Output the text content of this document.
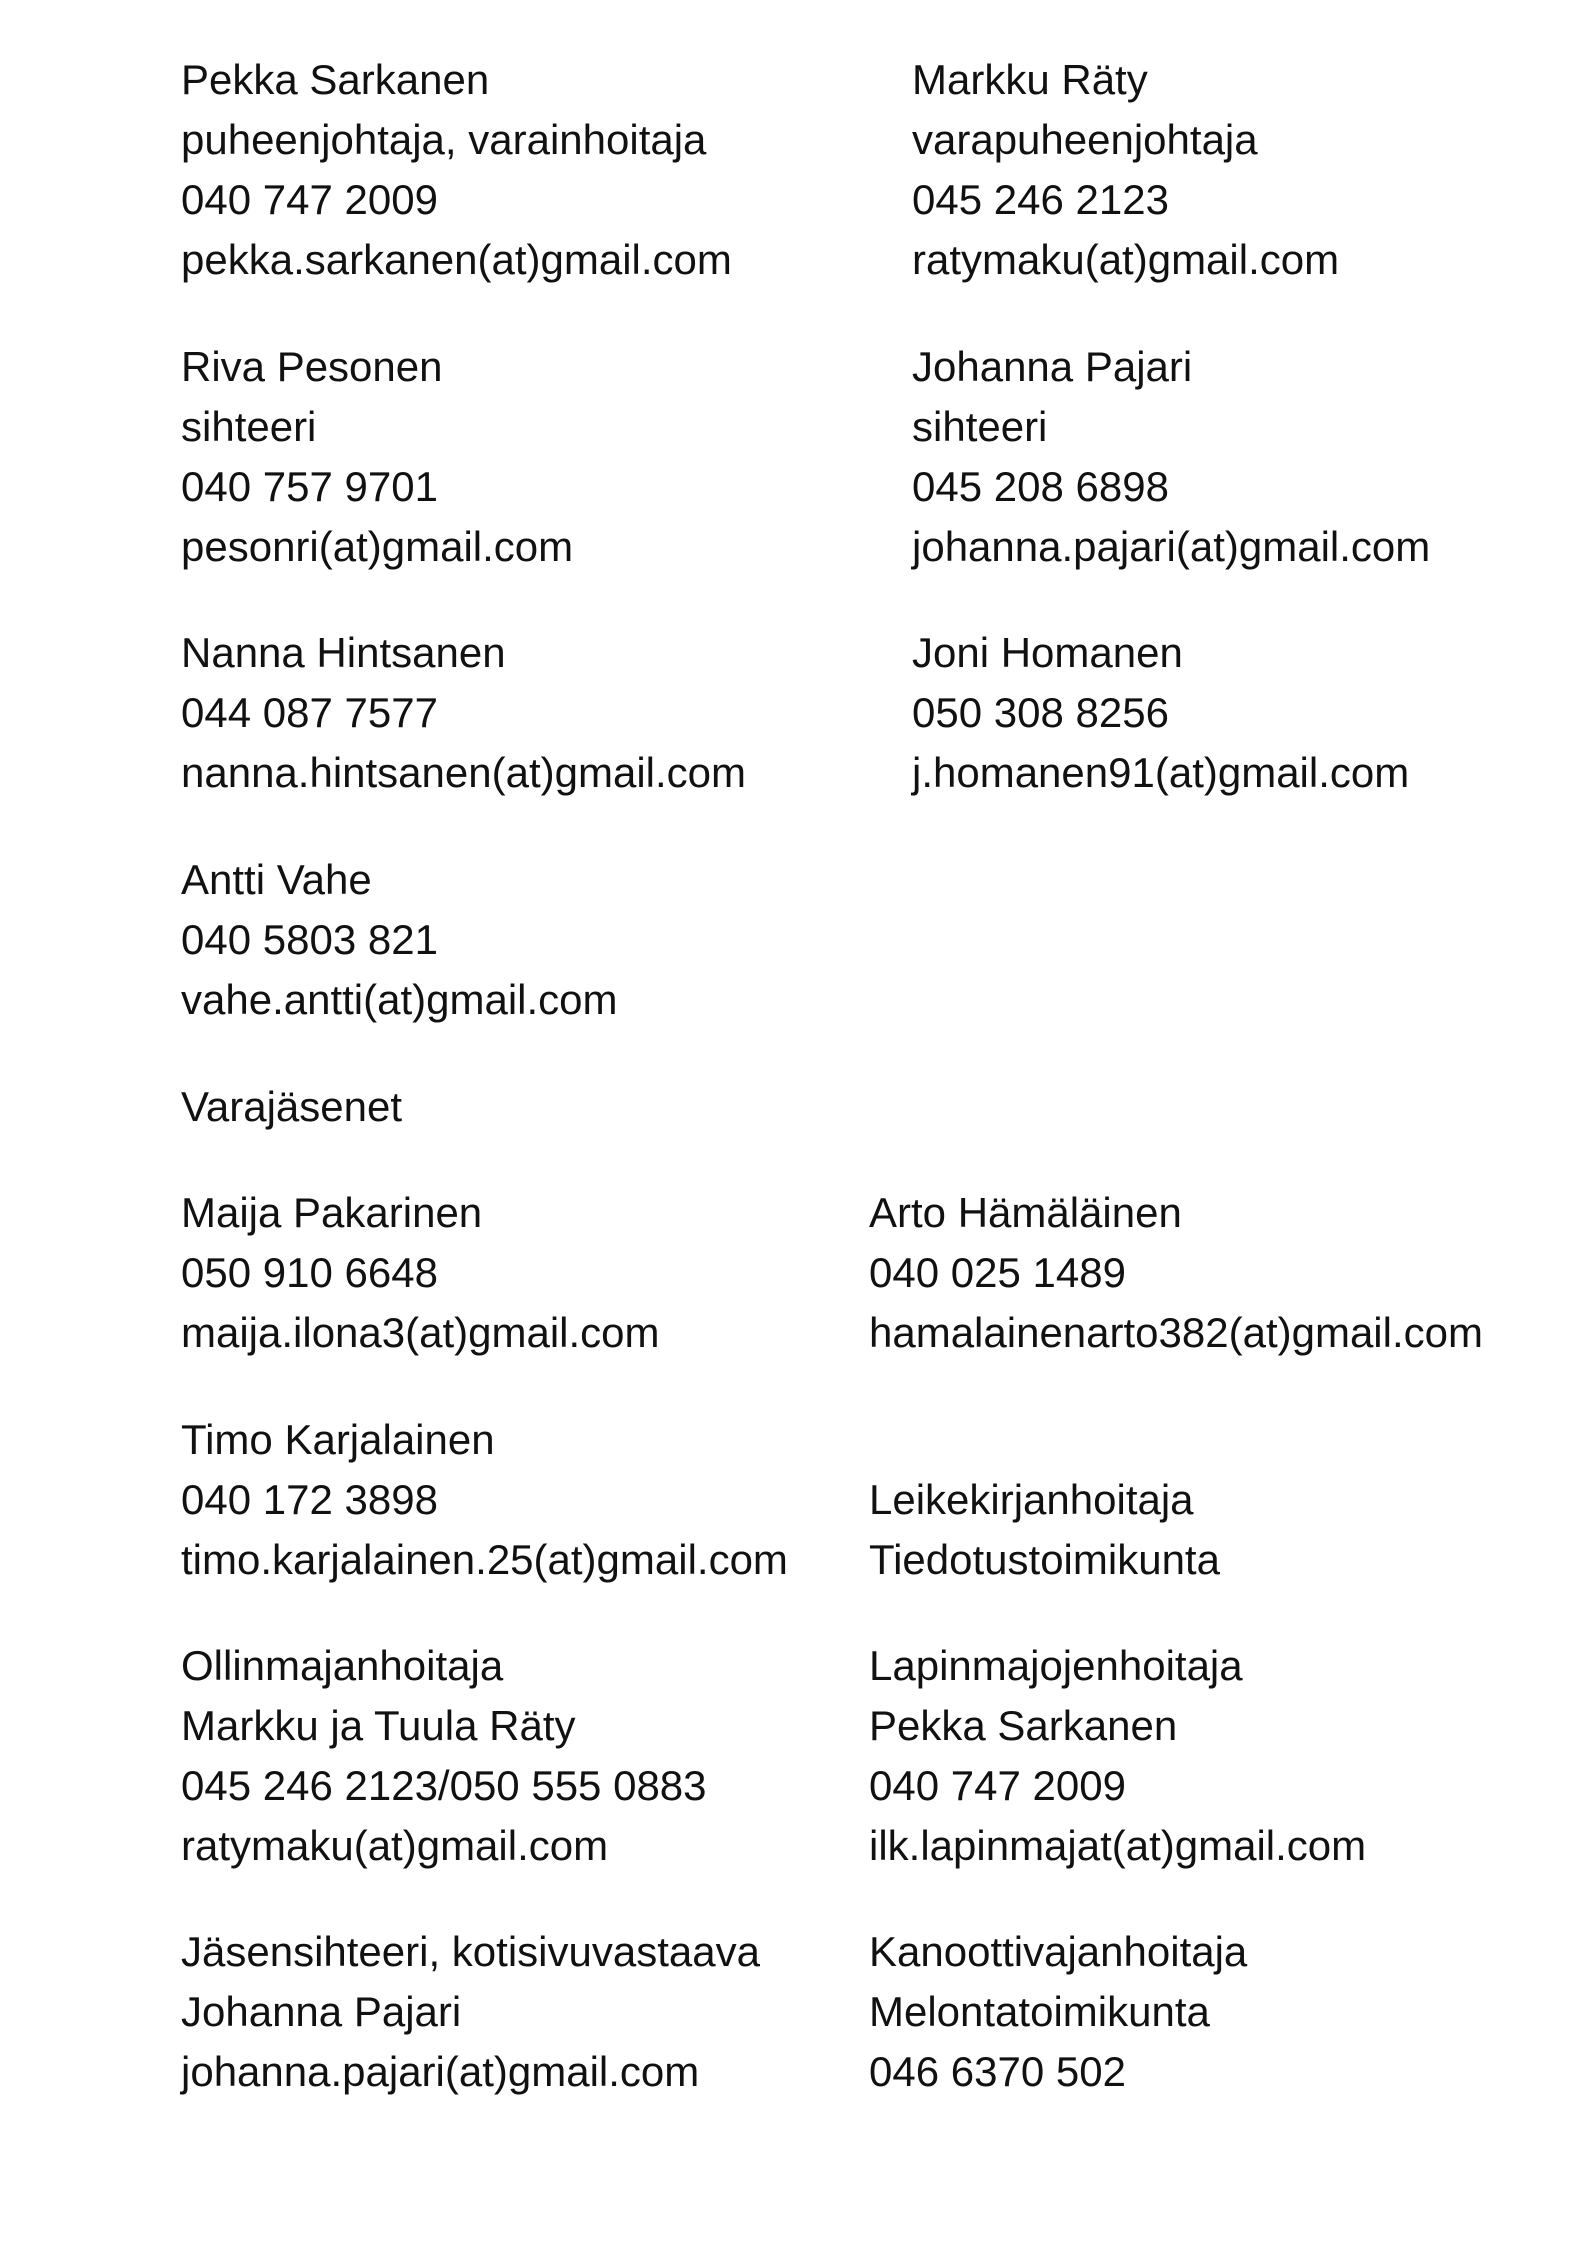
Pekka Sarkanen
puheenjohtaja, varainhoitaja
040 747 2009
pekka.sarkanen(at)gmail.com
Markku Räty
varapuheenjohtaja
045 246 2123
ratymaku(at)gmail.com
Riva Pesonen
sihteeri
040 757 9701
pesonri(at)gmail.com
Johanna Pajari
sihteeri
045 208 6898
johanna.pajari(at)gmail.com
Nanna Hintsanen
044 087 7577
nanna.hintsanen(at)gmail.com
Joni Homanen
050 308 8256
j.homanen91(at)gmail.com
Antti Vahe
040 5803 821
vahe.antti(at)gmail.com
Varajäsenet
Maija Pakarinen
050 910 6648
maija.ilona3(at)gmail.com
Arto Hämäläinen
040 025 1489
hamalainenarto382(at)gmail.com
Timo Karjalainen
040 172 3898
timo.karjalainen.25(at)gmail.com
Leikekirjanhoitaja
Tiedotustoimikunta
Ollinmajanhoitaja
Markku ja Tuula Räty
045 246 2123/050 555 0883
ratymaku(at)gmail.com
Lapinmajojenhoitaja
Pekka Sarkanen
040 747 2009
ilk.lapinmajat(at)gmail.com
Jäsensihteeri, kotisivuvastaava
Johanna Pajari
johanna.pajari(at)gmail.com
Kanoottivajanhoitaja
Melontatoimikunta
046 6370 502
